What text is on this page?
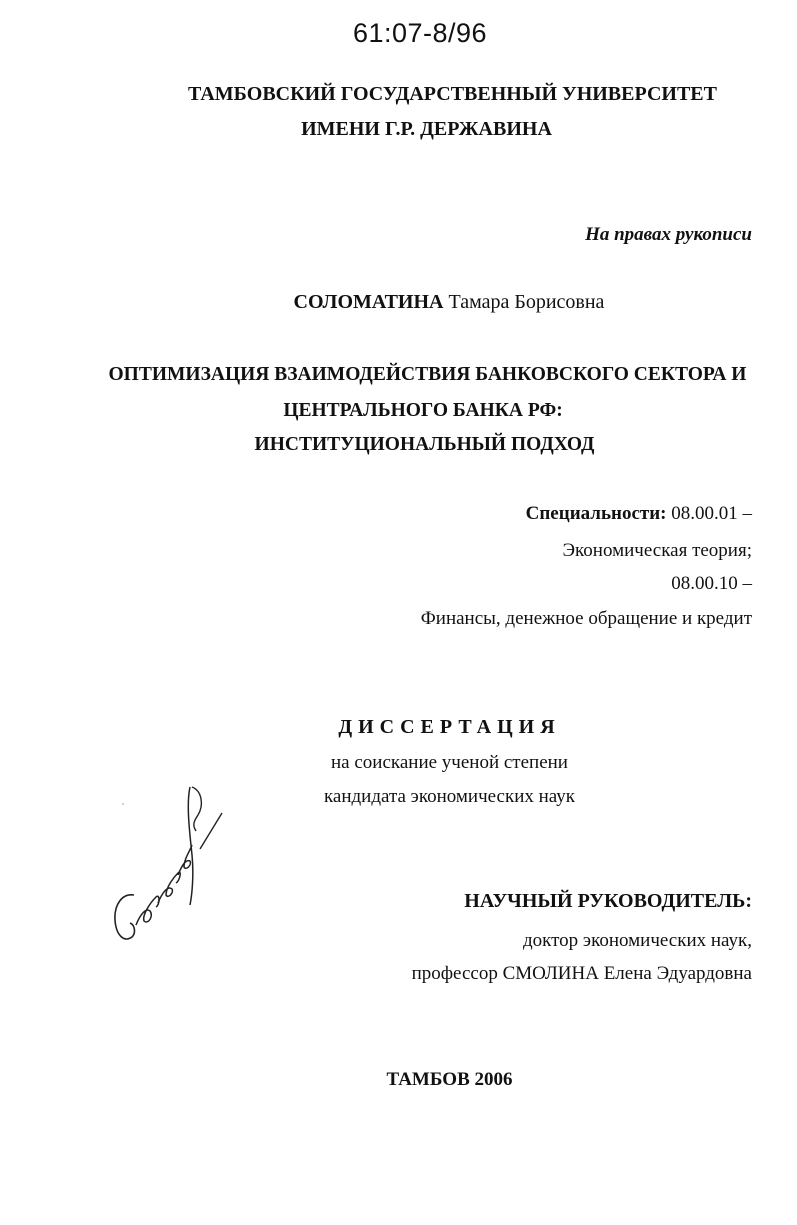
61:07-8/96
ТАМБОВСКИЙ ГОСУДАРСТВЕННЫЙ УНИВЕРСИТЕТ
ИМЕНИ Г.Р. ДЕРЖАВИНА
На правах рукописи
СОЛОМАТИНА Тамара Борисовна
ОПТИМИЗАЦИЯ ВЗАИМОДЕЙСТВИЯ БАНКОВСКОГО СЕКТОРА И
ЦЕНТРАЛЬНОГО БАНКА РФ:
ИНСТИТУЦИОНАЛЬНЫЙ ПОДХОД
Специальности: 08.00.01 –
Экономическая теория;
08.00.10 –
Финансы, денежное обращение и кредит
ДИССЕРТАЦИЯ
на соискание ученой степени
кандидата экономических наук
НАУЧНЫЙ РУКОВОДИТЕЛЬ:
доктор экономических наук,
профессор СМОЛИНА Елена Эдуардовна
ТАМБОВ 2006
